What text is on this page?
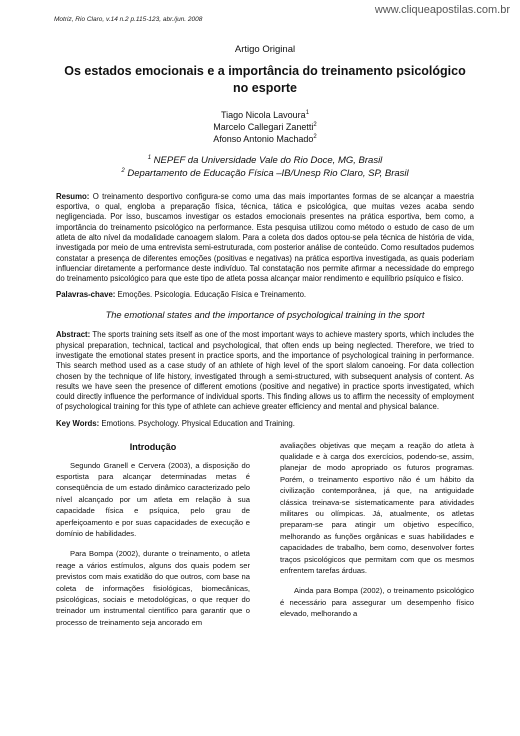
www.cliqueapostilas.com.br
Motriz, Rio Claro, v.14 n.2 p.115-123, abr./jun. 2008
Artigo Original
Os estados emocionais e a importância do treinamento psicológico no esporte
Tiago Nicola Lavoura$^1$
Marcelo Callegari Zanetti$^2$
Afonso Antonio Machado$^2$
$^1$ NEPEF da Universidade Vale do Rio Doce, MG, Brasil
$^2$ Departamento de Educação Física –IB/Unesp Rio Claro, SP, Brasil

Resumo: O treinamento desportivo configura-se como uma das mais importantes formas de se alcançar a maestria esportiva, o qual, engloba a preparação física, técnica, tática e psicológica, que muitas vezes acaba sendo negligenciada. Por isso, buscamos investigar os estados emocionais presentes na prática esportiva, bem como, a importância do treinamento psicológico na performance. Esta pesquisa utilizou como método o estudo de caso de um atleta de alto nível da modalidade canoagem slalom. Para a coleta dos dados optou-se pela técnica de história de vida, investigada por meio de uma entrevista semi-estruturada, com posterior análise de conteúdo. Como resultados pudemos constatar a presença de diferentes emoções (positivas e negativas) na prática esportiva investigada, as quais poderiam influenciar diretamente a performance deste indivíduo. Tal constatação nos permite afirmar a necessidade do emprego do treinamento psicológico para que este tipo de atleta possa alcançar maior rendimento e equilíbrio psíquico e físico.

Palavras-chave: Emoções. Psicologia. Educação Física e Treinamento.

The emotional states and the importance of psychological training in the sport

Abstract: The sports training sets itself as one of the most important ways to achieve mastery sports, which includes the physical preparation, technical, tactical and psychological, that often ends up being neglected. Therefore, we tried to investigate the emotional states present in practice sports, and the importance of psychological training in performance. This search method used as a case study of an athlete of high level of the sport slalom canoeing. For data collection chosen by the technique of life history, investigated through a semi-structured, with subsequent analysis of content. As results we have seen the presence of different emotions (positive and negative) in practice sports investigated, which could directly influence the performance of individual sports. This finding allows us to affirm the necessity of employment of psychological training for this type of athlete can achieve greater efficiency and mental and physical balance.

Key Words: Emotions. Psychology. Physical Education and Training.

Introdução

Segundo Granell e Cervera (2003), a disposição do esportista para alcançar determinadas metas é conseqüência de um estado dinâmico caracterizado pelo nível alcançado por um atleta em relação à sua capacidade física e psíquica, pelo grau de aperfeiçoamento e por suas capacidades de execução e domínio de habilidades.

Para Bompa (2002), durante o treinamento, o atleta reage a vários estímulos, alguns dos quais podem ser previstos com mais exatidão do que outros, com base na coleta de informações fisiológicas, biomecânicas, psicológicas, sociais e metodológicas, o que requer do treinador um instrumental científico para garantir que o processo de treinamento seja ancorado em

avaliações objetivas que meçam a reação do atleta à qualidade e à carga dos exercícios, podendo-se, assim, planejar de modo apropriado os futuros programas. Porém, o treinamento esportivo não é um hábito da civilização contemporânea, já que, na antiguidade clássica treinava-se sistematicamente para atividades militares ou olímpicas. Já, atualmente, os atletas preparam-se para atingir um objetivo específico, melhorando as funções orgânicas e suas habilidades e capacidades de trabalho, bem como, desenvolver fortes traços psicológicos que permitam com que os mesmos enfrentem tarefas árduas.

Ainda para Bompa (2002), o treinamento psicológico é necessário para assegurar um desempenho físico elevado, melhorando a
